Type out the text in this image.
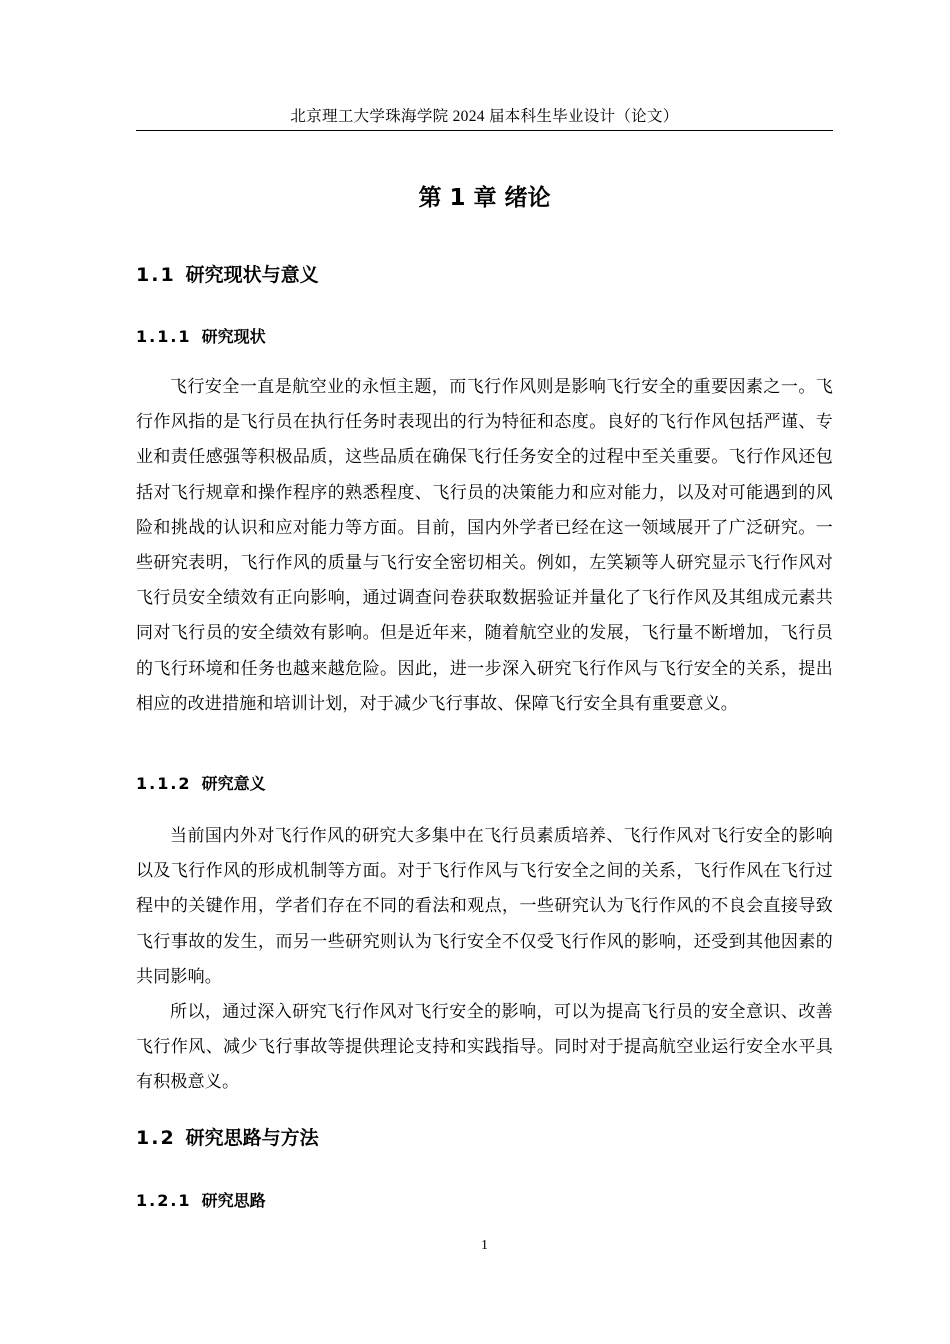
北京理工大学珠海学院 2024 届本科生毕业设计（论文）
第 1 章 绪论
1.1 研究现状与意义
1.1.1 研究现状

飞行安全一直是航空业的永恒主题，而飞行作风则是影响飞行安全的重要因素之一。飞行作风指的是飞行员在执行任务时表现出的行为特征和态度。良好的飞行作风包括严谨、专业和责任感强等积极品质，这些品质在确保飞行任务安全的过程中至关重要。飞行作风还包括对飞行规章和操作程序的熟悉程度、飞行员的决策能力和应对能力，以及对可能遇到的风险和挑战的认识和应对能力等方面。目前，国内外学者已经在这一领域展开了广泛研究。一些研究表明，飞行作风的质量与飞行安全密切相关。例如，左笑颖等人研究显示飞行作风对飞行员安全绩效有正向影响，通过调查问卷获取数据验证并量化了飞行作风及其组成元素共同对飞行员的安全绩效有影响。但是近年来，随着航空业的发展，飞行量不断增加，飞行员的飞行环境和任务也越来越危险。因此，进一步深入研究飞行作风与飞行安全的关系，提出相应的改进措施和培训计划，对于减少飞行事故、保障飞行安全具有重要意义。

1.1.2 研究意义

当前国内外对飞行作风的研究大多集中在飞行员素质培养、飞行作风对飞行安全的影响以及飞行作风的形成机制等方面。对于飞行作风与飞行安全之间的关系，飞行作风在飞行过程中的关键作用，学者们存在不同的看法和观点，一些研究认为飞行作风的不良会直接导致飞行事故的发生，而另一些研究则认为飞行安全不仅受飞行作风的影响，还受到其他因素的共同影响。

所以，通过深入研究飞行作风对飞行安全的影响，可以为提高飞行员的安全意识、改善飞行作风、减少飞行事故等提供理论支持和实践指导。同时对于提高航空业运行安全水平具有积极意义。

1.2 研究思路与方法
1.2.1 研究思路
1
